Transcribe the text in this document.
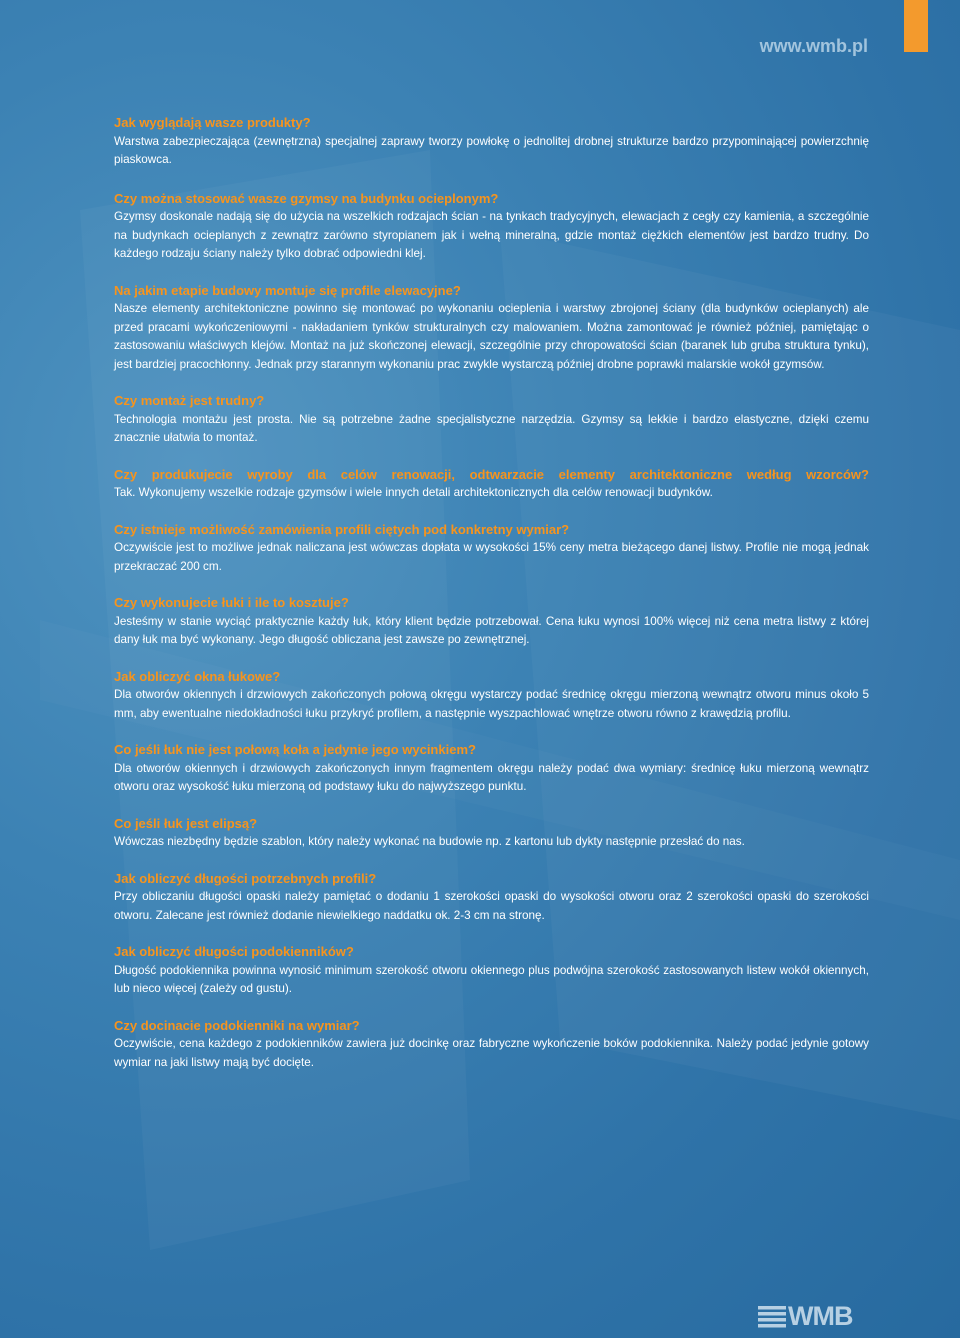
www.wmb.pl

Jak wyglądają wasze produkty?

Warstwa zabezpieczająca (zewnętrzna) specjalnej zaprawy tworzy powłokę o jednolitej drobnej strukturze bardzo przypominającej powierzchnię piaskowca.

Czy można stosować wasze gzymsy na budynku ocieplonym?

Gzymsy doskonale nadają się do użycia na wszelkich rodzajach ścian - na tynkach tradycyjnych, elewacjach z cegły czy kamienia, a szczególnie na budynkach ocieplanych z zewnątrz zarówno styropianem jak i wełną mineralną, gdzie montaż ciężkich elementów jest bardzo trudny. Do każdego rodzaju ściany należy tylko dobrać odpowiedni klej.

Na jakim etapie budowy montuje się profile elewacyjne?

Nasze elementy architektoniczne powinno się montować po wykonaniu ocieplenia i warstwy zbrojonej ściany (dla budynków ocieplanych) ale przed pracami wykończeniowymi - nakładaniem tynków strukturalnych czy malowaniem. Można zamontować je również później, pamiętając o zastosowaniu właściwych klejów. Montaż na już skończonej elewacji, szczególnie przy chropowatości ścian (baranek lub gruba struktura tynku), jest bardziej pracochłonny. Jednak przy starannym wykonaniu prac zwykle wystarczą później drobne poprawki malarskie wokół gzymsów.

Czy montaż jest trudny?

Technologia montażu jest prosta. Nie są potrzebne żadne specjalistyczne narzędzia. Gzymsy są lekkie i bardzo elastyczne, dzięki czemu znacznie ułatwia to montaż.

Czy produkujecie wyroby dla celów renowacji, odtwarzacie elementy architektoniczne według wzorców?

Tak. Wykonujemy wszelkie rodzaje gzymsów i wiele innych detali architektonicznych dla celów renowacji budynków.

Czy istnieje możliwość zamówienia profili ciętych pod konkretny wymiar?

Oczywiście jest to możliwe jednak naliczana jest wówczas dopłata w wysokości 15% ceny metra bieżącego danej listwy. Profile nie mogą jednak przekraczać 200 cm.

Czy wykonujecie łuki i ile to kosztuje?

Jesteśmy w stanie wyciąć praktycznie każdy łuk, który klient będzie potrzebował. Cena łuku wynosi 100% więcej niż cena metra listwy z której dany łuk ma być wykonany. Jego długość obliczana jest zawsze po zewnętrznej.

Jak obliczyć okna łukowe?

Dla otworów okiennych i drzwiowych zakończonych połową okręgu wystarczy podać średnicę okręgu mierzoną wewnątrz otworu minus około 5 mm, aby ewentualne niedokładności łuku przykryć profilem, a następnie wyszpachlować wnętrze otworu równo z krawędzią profilu.

Co jeśli łuk nie jest połową koła a jedynie jego wycinkiem?

Dla otworów okiennych i drzwiowych zakończonych innym fragmentem okręgu należy podać dwa wymiary: średnicę łuku mierzoną wewnątrz otworu oraz wysokość łuku mierzoną od podstawy łuku do najwyższego punktu.

Co jeśli łuk jest elipsą?

Wówczas niezbędny będzie szablon, który należy wykonać na budowie np. z kartonu lub dykty następnie przesłać do nas.

Jak obliczyć długości potrzebnych profili?

Przy obliczaniu długości opaski należy pamiętać o dodaniu 1 szerokości opaski do wysokości otworu oraz 2 szerokości opaski do szerokości otworu. Zalecane jest również dodanie niewielkiego naddatku ok. 2-3 cm na stronę.

Jak obliczyć długości podokienników?

Długość podokiennika powinna wynosić minimum szerokość otworu okiennego plus podwójna szerokość zastosowanych listew wokół okiennych, lub nieco więcej (zależy od gustu).

Czy docinacie podokienniki na wymiar?

Oczywiście, cena każdego z podokienników zawiera już docinkę oraz fabryczne wykończenie boków podokiennika. Należy podać jedynie gotowy wymiar na jaki listwy mają być docięte.

WMB
